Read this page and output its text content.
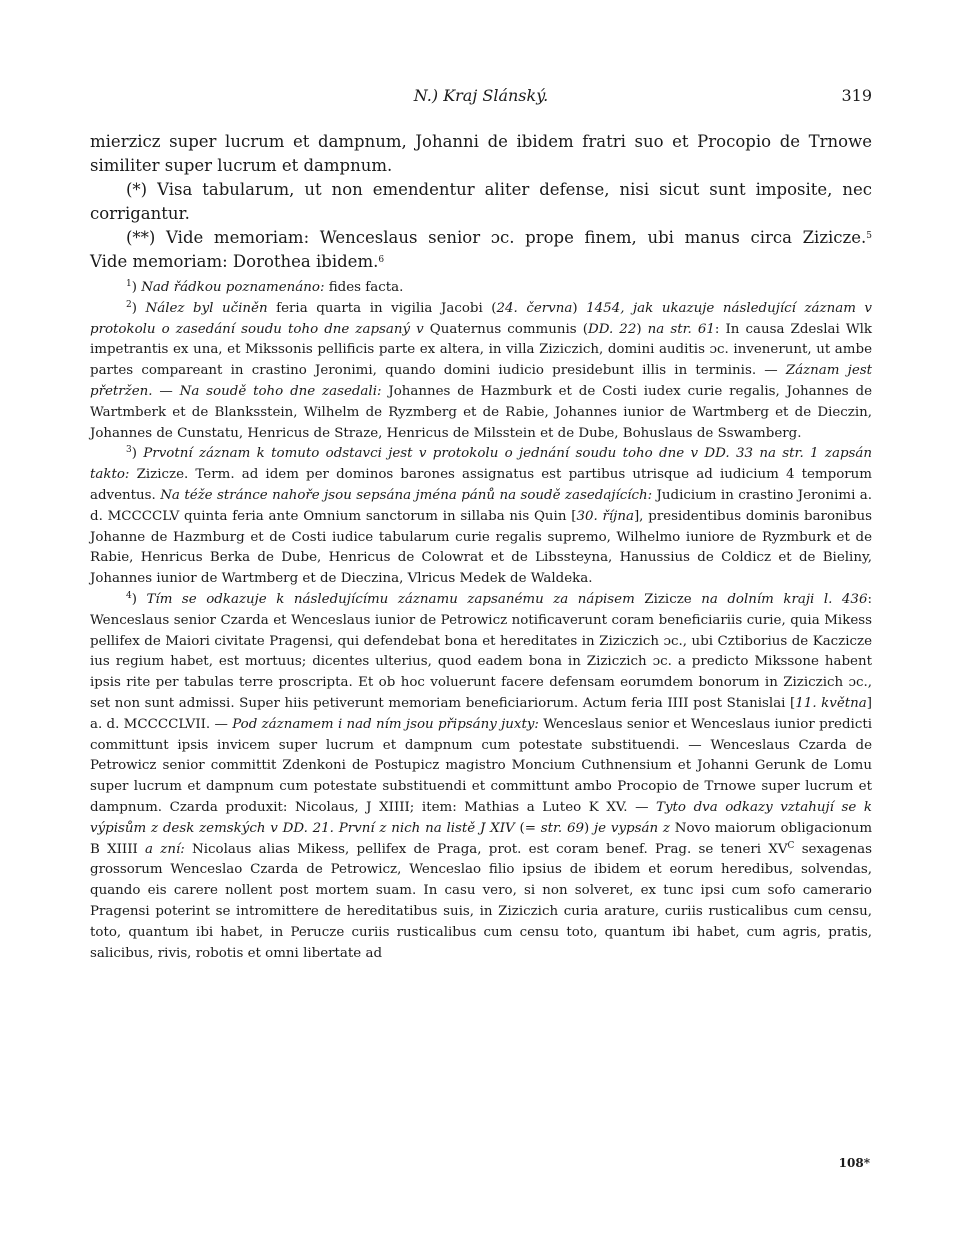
N.) Kraj Slánský.	319

mierzicz super lucrum et dampnum, Johanni de ibidem fratri suo et Procopio de Trnowe similiter super lucrum et dampnum.

(*) Visa tabularum, ut non emendentur aliter defense, nisi sicut sunt imposite, nec corrigantur.

(**) Vide memoriam: Wenceslaus senior ɔc. prope finem, ubi manus circa Zizicze.$^5$     Vide memoriam: Dorothea ibidem.$^6$

$^1$) Nad řádkou poznamenáno: fides facta.

$^2$) Nález byl učiněn feria quarta in vigilia Jacobi (24. června) 1454, jak ukazuje následující záznam v protokolu o zasedání soudu toho dne zapsaný v Quaternus communis (DD. 22) na str. 61: In causa Zdeslai Wlk impetrantis ex una, et Mikssonis pellificis parte ex altera, in villa Ziziczich, domini auditis ɔc. invenerunt, ut ambe partes compareant in crastino Jeronimi, quando domini iudicio presidebunt illis in terminis. — Záznam jest přetržen. — Na soudě toho dne zasedali: Johannes de Hazmburk et de Costi iudex curie regalis, Johannes de Wartmberk et de Blanksstein, Wilhelm de Ryzmberg et de Rabie, Johannes iunior de Wartmberg et de Dieczin, Johannes de Cunstatu, Henricus de Straze, Henricus de Milsstein et de Dube, Bohuslaus de Sswamberg.

$^3$) Prvotní záznam k tomuto odstavci jest v protokolu o jednání soudu toho dne v DD. 33 na str. 1 zapsán takto: Zizicze. Term. ad idem per dominos barones assignatus est partibus utrisque ad iudicium 4 temporum adventus. Na téže stránce nahoře jsou sepsána jména pánů na soudě zasedajících: Judicium in crastino Jeronimi a. d. MCCCCLV quinta feria ante Omnium sanctorum in sillaba nis Quin [30. října], presidentibus dominis baronibus Johanne de Hazmburg et de Costi iudice tabularum curie regalis supremo, Wilhelmo iuniore de Ryzmburk et de Rabie, Henricus Berka de Dube, Henricus de Colowrat et de Libssteyna, Hanussius de Coldicz et de Bieliny, Johannes iunior de Wartmberg et de Dieczina, Vlricus Medek de Waldeka.

$^4$) Tím se odkazuje k následujícímu záznamu zapsanému za nápisem Zizicze na dolním kraji l. 436: Wenceslaus senior Czarda et Wenceslaus iunior de Petrowicz notificaverunt coram beneficiariis curie, quia Mikess pellifex de Maiori civitate Pragensi, qui defendebat bona et hereditates in Ziziczich ɔc., ubi Cztiborius de Kaczicze ius regium habet, est mortuus; dicentes ulterius, quod eadem bona in Ziziczich ɔc. a predicto Mikssone habent ipsis rite per tabulas terre proscripta. Et ob hoc voluerunt facere defensam eorumdem bonorum in Ziziczich ɔc., set non sunt admissi. Super hiis petiverunt memoriam beneficiariorum. Actum feria IIII post Stanislai [11. května] a. d. MCCCCLVII. — Pod záznamem i nad ním jsou připsány juxty: Wenceslaus senior et Wenceslaus iunior predicti committunt ipsis invicem super lucrum et dampnum cum potestate substituendi. — Wenceslaus Czarda de Petrowicz senior committit Zdenkoni de Postupicz magistro Moncium Cuthnensium et Johanni Gerunk de Lomu super lucrum et dampnum cum potestate substituendi et committunt ambo Procopio de Trnowe super lucrum et dampnum. Czarda produxit: Nicolaus, J XIIII; item: Mathias a Luteo K XV. — Tyto dva odkazy vztahují se k výpisům z desk zemských v DD. 21. První z nich na listě J XIV (= str. 69) je vypsán z Novo maiorum obligacionum B XIIII a zní: Nicolaus alias Mikess, pellifex de Praga, prot. est coram benef. Prag. se teneri $XV^C$ sexagenas grossorum Wenceslao Czarda de Petrowicz, Wenceslao filio ipsius de ibidem et eorum heredibus, solvendas, quando eis carere nollent post mortem suam. In casu vero, si non solveret, ex tunc ipsi cum sofo camerario Pragensi poterint se intromittere de hereditatibus suis, in Ziziczich curia arature, curiis rusticalibus cum censu, toto, quantum ibi habet, in Perucze curiis rusticalibus cum censu toto, quantum ibi habet, cum agris, pratis, salicibus, rivis, robotis et omni libertate ad

108*
